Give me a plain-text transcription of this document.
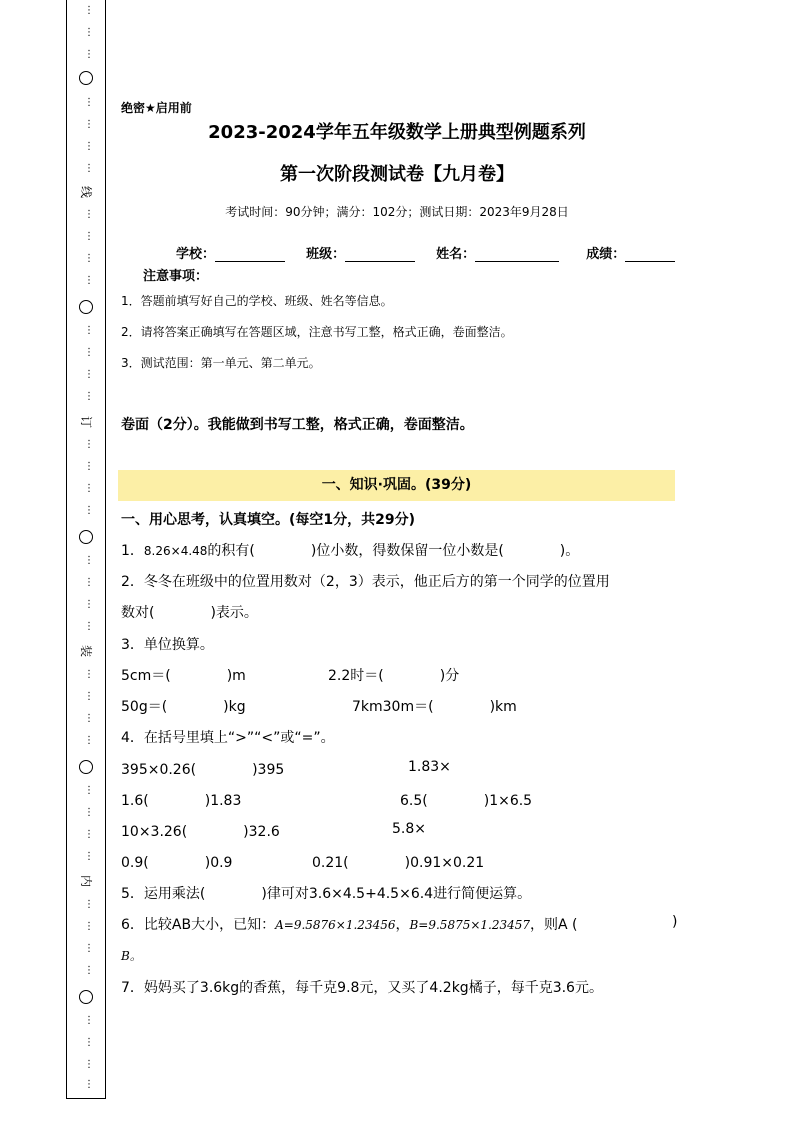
⋮
⋮
⋮
⋮
⋮
⋮
⋮
线
⋮
⋮
⋮
⋮
⋮
⋮
⋮
⋮
订
⋮
⋮
⋮
⋮
⋮
⋮
⋮
⋮
装
⋮
⋮
⋮
⋮
⋮
⋮
⋮
⋮
内
⋮
⋮
⋮
⋮
⋮
⋮
⋮
⋮
绝密★启用前
2023-2024学年五年级数学上册典型例题系列
第一次阶段测试卷【九月卷】
考试时间：90分钟；满分：102分；测试日期：2023年9月28日
学校：	班级：	姓名：	成绩：
注意事项：
1．答题前填写好自己的学校、班级、姓名等信息。
2．请将答案正确填写在答题区域，注意书写工整，格式正确，卷面整洁。
3．测试范围：第一单元、第二单元。
卷面（2分）。我能做到书写工整，格式正确，卷面整洁。
一、知识·巩固。(39分)
一、用心思考，认真填空。(每空1分，共29分)
1．8.26×4.48的积有(　　　　)位小数，得数保留一位小数是(　　　　)。
2．冬冬在班级中的位置用数对（2，3）表示，他正后方的第一个同学的位置用
数对(　　　　)表示。
3．单位换算。
5cm＝(　　　　)m	2.2时＝(　　　　)分
50g＝(　　　　)kg	7km30m＝(　　　　)km
4．在括号里填上“>”“<”或“=”。
395×0.26(　　　　)395	1.83×
1.6(　　　　)1.83	6.5(　　　　)1×6.5
10×3.26(　　　　)32.6	5.8×
0.9(　　　　)0.9	0.21(　　　　)0.91×0.21
5．运用乘法(　　　　)律可对3.6×4.5+4.5×6.4进行简便运算。
6．比较AB大小，已知：A=9.5876×1.23456，B=9.5875×1.23457，则A (	)
B。
7．妈妈买了3.6kg的香蕉，每千克9.8元，又买了4.2kg橘子，每千克3.6元。
